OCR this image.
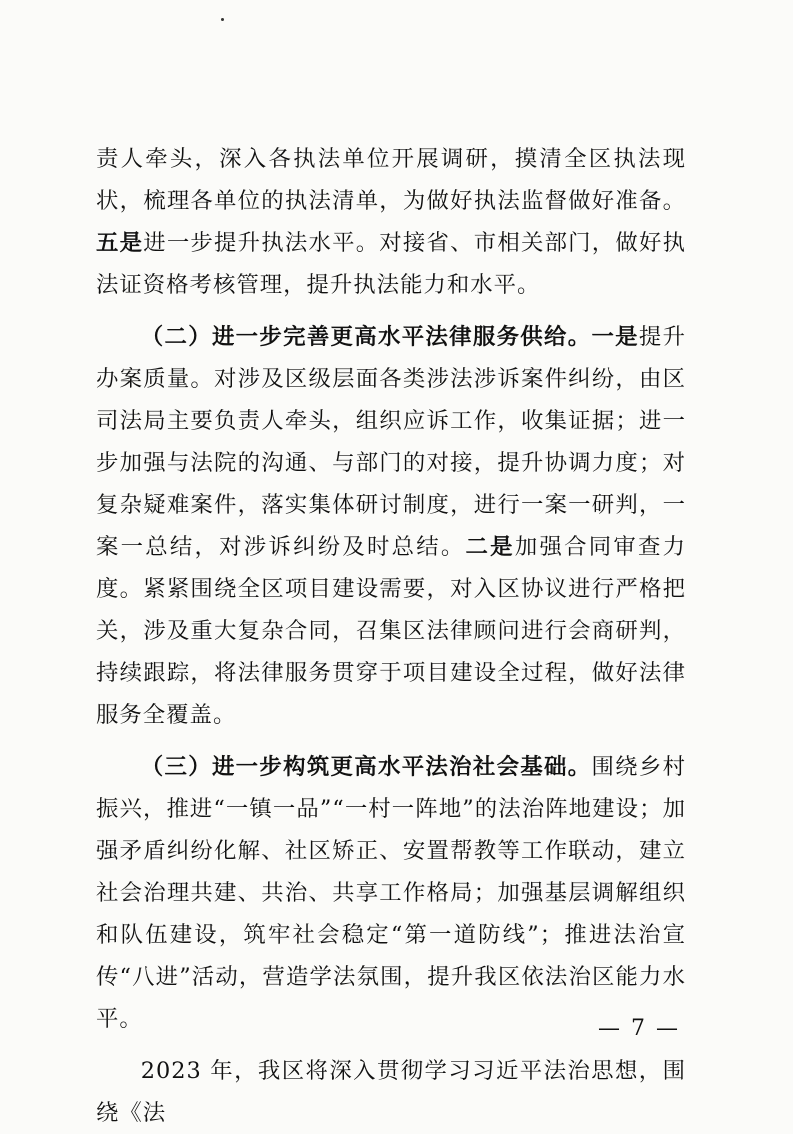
责人牵头，深入各执法单位开展调研，摸清全区执法现状，梳理各单位的执法清单，为做好执法监督做好准备。五是进一步提升执法水平。对接省、市相关部门，做好执法证资格考核管理，提升执法能力和水平。

（二）进一步完善更高水平法律服务供给。一是提升办案质量。对涉及区级层面各类涉法涉诉案件纠纷，由区司法局主要负责人牵头，组织应诉工作，收集证据；进一步加强与法院的沟通、与部门的对接，提升协调力度；对复杂疑难案件，落实集体研讨制度，进行一案一研判，一案一总结，对涉诉纠纷及时总结。二是加强合同审查力度。紧紧围绕全区项目建设需要，对入区协议进行严格把关，涉及重大复杂合同，召集区法律顾问进行会商研判，持续跟踪，将法律服务贯穿于项目建设全过程，做好法律服务全覆盖。

（三）进一步构筑更高水平法治社会基础。围绕乡村振兴，推进“一镇一品”“一村一阵地”的法治阵地建设；加强矛盾纠纷化解、社区矫正、安置帮教等工作联动，建立社会治理共建、共治、共享工作格局；加强基层调解组织和队伍建设，筑牢社会稳定“第一道防线”；推进法治宣传“八进”活动，营造学法氛围，提升我区依法治区能力水平。

2023 年，我区将深入贯彻学习习近平法治思想，围绕《法

— 7 —
